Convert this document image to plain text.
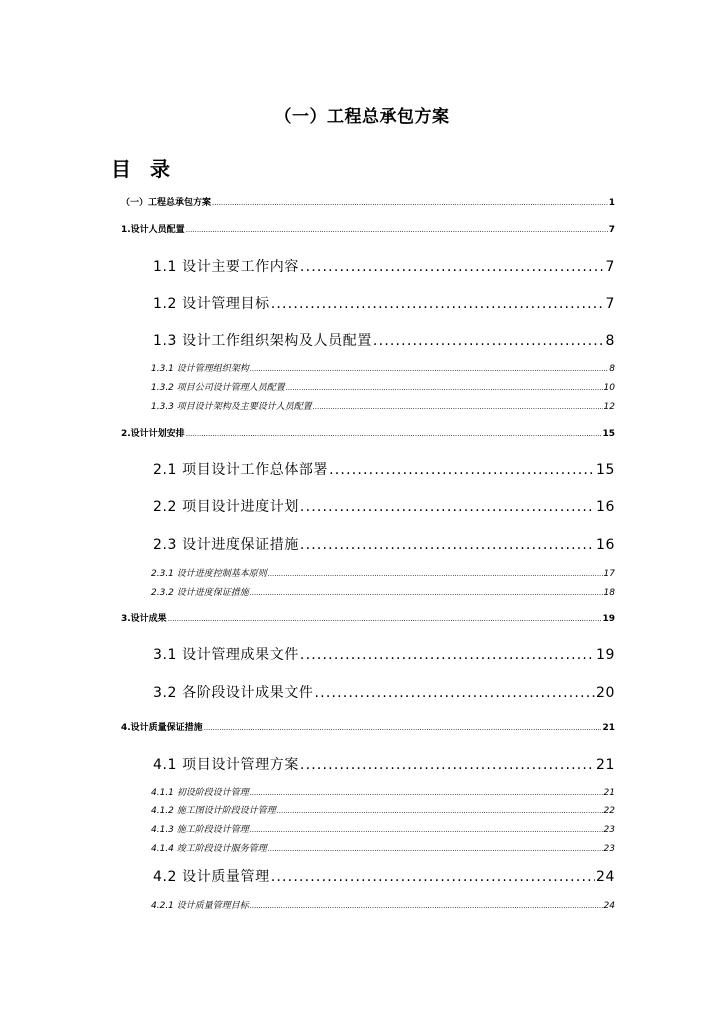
（一）工程总承包方案
目 录
（一）工程总承包方案 .....	1
1.设计人员配置 .....	7
1.1 设计主要工作内容 .....	7
1.2 设计管理目标 .....	7
1.3 设计工作组织架构及人员配置 .....	8
1.3.1 设计管理组织架构 .....	8
1.3.2 项目公司设计管理人员配置 .....	10
1.3.3 项目设计架构及主要设计人员配置 .....	12
2.设计计划安排 .....	15
2.1 项目设计工作总体部署 .....	15
2.2 项目设计进度计划 .....	16
2.3 设计进度保证措施 .....	16
2.3.1 设计进度控制基本原则 .....	17
2.3.2 设计进度保证措施 .....	18
3.设计成果 .....	19
3.1 设计管理成果文件 .....	19
3.2 各阶段设计成果文件 .....	20
4.设计质量保证措施 .....	21
4.1 项目设计管理方案 .....	21
4.1.1 初设阶段设计管理 .....	21
4.1.2 施工图设计阶段设计管理 .....	22
4.1.3 施工阶段设计管理 .....	23
4.1.4 竣工阶段设计服务管理 .....	23
4.2 设计质量管理 .....	24
4.2.1 设计质量管理目标 .....	24
